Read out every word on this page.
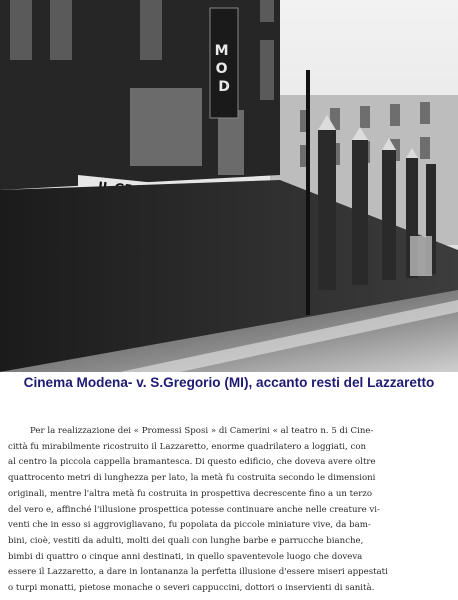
M O D
Cinema Modena- v. S.Gregorio (MI), accanto resti del Lazzaretto
Per la realizzazione dei « Promessi Sposi » di Camerini « al teatro n. 5 di Cine-
città fu mirabilmente ricostruito il Lazzaretto, enorme quadrilatero a loggiati, con
al centro la piccola cappella bramantesca. Di questo edificio, che doveva avere oltre
quattrocento metri di lunghezza per lato, la metà fu costruita secondo le dimensioni
originali, mentre l'altra metà fu costruita in prospettiva decrescente fino a un terzo
del vero e, affinché l'illusione prospettica potesse continuare anche nelle creature vi-
venti che in esso si aggrovigliavano, fu popolata da piccole miniature vive, da bam-
bini, cioè, vestiti da adulti, molti dei quali con lunghe barbe e parrucche bianche,
bimbi di quattro o cinque anni destinati, in quello spaventevole luogo che doveva
essere il Lazzaretto, a dare in lontananza la perfetta illusione d'essere miseri appestati
o turpi monatti, pietose monache o severi cappuccini, dottori o inservienti di sanità.
